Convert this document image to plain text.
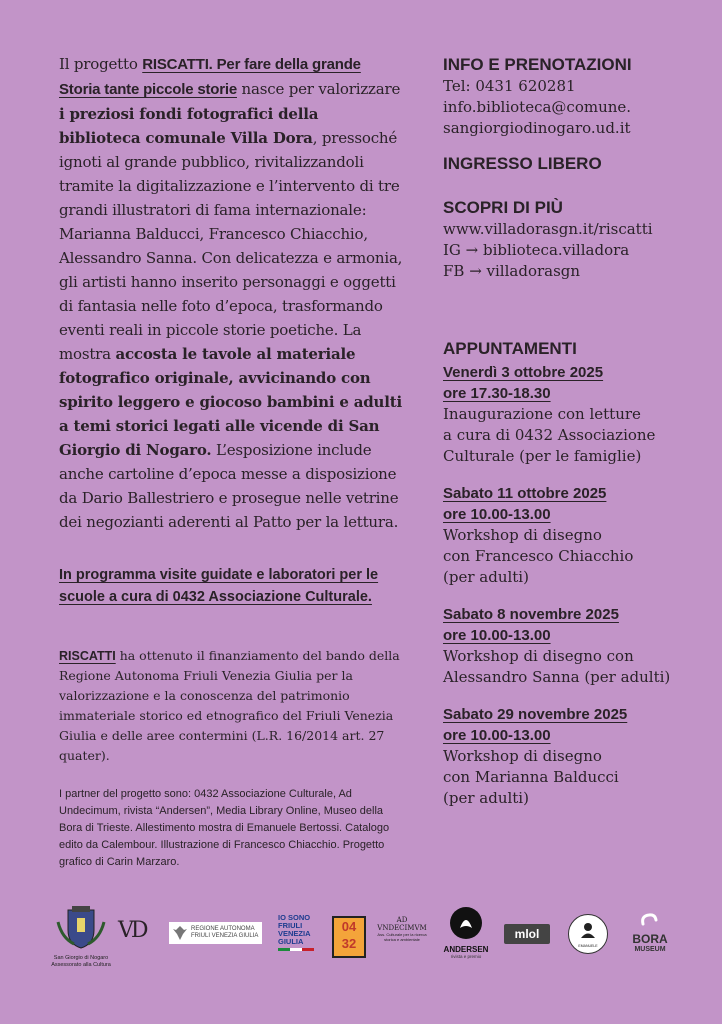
Il progetto RISCATTI. Per fare della grande Storia tante piccole storie nasce per valorizzare i preziosi fondi fotografici della biblioteca comunale Villa Dora, pressoché ignoti al grande pubblico, rivitalizzandoli tramite la digitalizzazione e l’intervento di tre grandi illustratori di fama internazionale: Marianna Balducci, Francesco Chiacchio, Alessandro Sanna. Con delicatezza e armonia, gli artisti hanno inserito personaggi e oggetti di fantasia nelle foto d’epoca, trasformando eventi reali in piccole storie poetiche. La mostra accosta le tavole al materiale fotografico originale, avvicinando con spirito leggero e giocoso bambini e adulti a temi storici legati alle vicende di San Giorgio di Nogaro. L’esposizione include anche cartoline d’epoca messe a disposizione da Dario Ballestriero e prosegue nelle vetrine dei negozianti aderenti al Patto per la lettura.

In programma visite guidate e laboratori per le scuole a cura di 0432 Associazione Culturale.

RISCATTI ha ottenuto il finanziamento del bando della Regione Autonoma Friuli Venezia Giulia per la valorizzazione e la conoscenza del patrimonio immateriale storico ed etnografico del Friuli Venezia Giulia e delle aree contermini (L.R. 16/2014 art. 27 quater).

I partner del progetto sono: 0432 Associazione Culturale, Ad Undecimum, rivista “Andersen”, Media Library Online, Museo della Bora di Trieste. Allestimento mostra di Emanuele Bertossi. Catalogo edito da Calembour. Illustrazione di Francesco Chiacchio. Progetto grafico di Carin Marzaro.

INFO E PRENOTAZIONI

Tel: 0431 620281

info.biblioteca@comune.

sangiorgiodinogaro.ud.it

INGRESSO LIBERO
SCOPRI DI PIÙ

www.villadorasgn.it/riscatti

IG → biblioteca.villadora

FB → villadorasgn

APPUNTAMENTI
Venerdì 3 ottobre 2025
ore 17.30-18.30

Inaugurazione con letture

a cura di 0432 Associazione

Culturale (per le famiglie)

Sabato 11 ottobre 2025
ore 10.00-13.00

Workshop di disegno

con Francesco Chiacchio

(per adulti)

Sabato 8 novembre 2025
ore 10.00-13.00

Workshop di disegno con

Alessandro Sanna (per adulti)

Sabato 29 novembre 2025
ore 10.00-13.00

Workshop di disegno

con Marianna Balducci

(per adulti)

San Giorgio di Nogaro
Assessorato alla Cultura
VD	REGIONE AUTONOMA
FRIULI VENEZIA GIULIA
IO SONO
FRIULI
VENEZIA
GIULIA
04
32
AD
VNDECIMVM
Ass. Culturale per la ricerca storica e ambientale
ANDERSEN
rivista e premio
mlol
EMANUELE	BORA
MUSEUM
